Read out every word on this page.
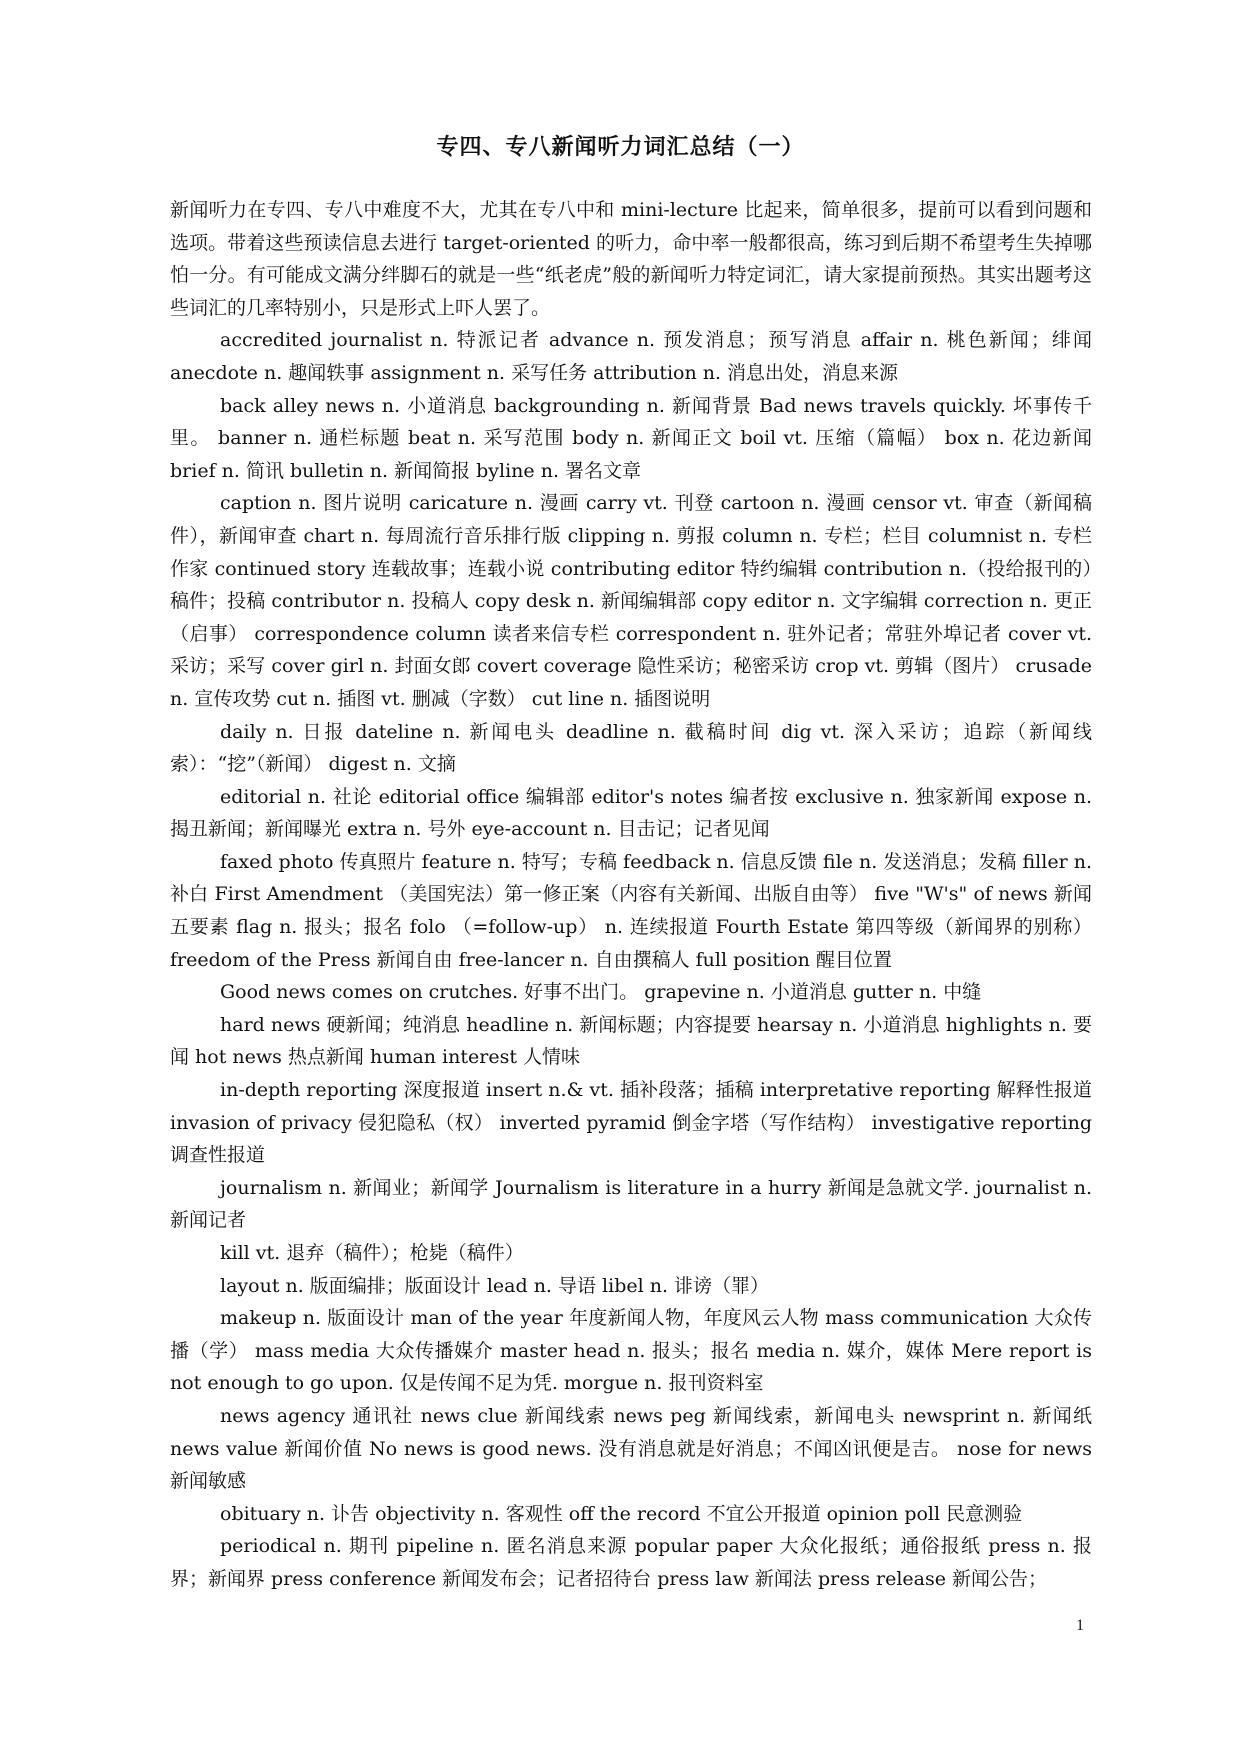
专四、专八新闻听力词汇总结（一）

新闻听力在专四、专八中难度不大，尤其在专八中和 mini-lecture 比起来，简单很多，提前可以看到问题和选项。带着这些预读信息去进行 target-oriented 的听力，命中率一般都很高，练习到后期不希望考生失掉哪怕一分。有可能成文满分绊脚石的就是一些“纸老虎”般的新闻听力特定词汇，请大家提前预热。其实出题考这些词汇的几率特别小，只是形式上吓人罢了。

accredited journalist n. 特派记者 advance n. 预发消息；预写消息 affair n. 桃色新闻；绯闻 anecdote n. 趣闻轶事 assignment n. 采写任务 attribution n. 消息出处，消息来源

back alley news n. 小道消息 backgrounding n. 新闻背景 Bad news travels quickly. 坏事传千里。 banner n. 通栏标题 beat n. 采写范围 body n. 新闻正文 boil vt. 压缩（篇幅） box n. 花边新闻 brief n. 简讯 bulletin n. 新闻简报 byline n. 署名文章

caption n. 图片说明 caricature n. 漫画 carry vt. 刊登 cartoon n. 漫画 censor vt. 审查（新闻稿件），新闻审查 chart n. 每周流行音乐排行版 clipping n. 剪报 column n. 专栏；栏目 columnist n. 专栏作家 continued story 连载故事；连载小说 contributing editor 特约编辑 contribution n.（投给报刊的）稿件；投稿 contributor n. 投稿人 copy desk n. 新闻编辑部 copy editor n. 文字编辑 correction n. 更正（启事） correspondence column 读者来信专栏 correspondent n. 驻外记者；常驻外埠记者 cover vt. 采访；采写 cover girl n. 封面女郎 covert coverage 隐性采访；秘密采访 crop vt. 剪辑（图片） crusade n. 宣传攻势 cut n. 插图 vt. 删减（字数） cut line n. 插图说明

daily n. 日报 dateline n. 新闻电头 deadline n. 截稿时间 dig vt. 深入采访；追踪（新闻线索）：“挖”（新闻） digest n. 文摘

editorial n. 社论 editorial office 编辑部 editor's notes 编者按 exclusive n. 独家新闻 expose n. 揭丑新闻；新闻曝光 extra n. 号外 eye-account n. 目击记；记者见闻

faxed photo 传真照片 feature n. 特写；专稿 feedback n. 信息反馈 file n. 发送消息；发稿 filler n. 补白 First Amendment （美国宪法）第一修正案（内容有关新闻、出版自由等） five "W's" of news 新闻五要素 flag n. 报头；报名 folo （=follow-up） n. 连续报道 Fourth Estate 第四等级（新闻界的别称） freedom of the Press 新闻自由 free-lancer n. 自由撰稿人 full position 醒目位置

Good news comes on crutches. 好事不出门。 grapevine n. 小道消息 gutter n. 中缝

hard news 硬新闻；纯消息 headline n. 新闻标题；内容提要 hearsay n. 小道消息 highlights n. 要闻 hot news 热点新闻 human interest 人情味

in-depth reporting 深度报道 insert n.& vt. 插补段落；插稿 interpretative reporting 解释性报道 invasion of privacy 侵犯隐私（权） inverted pyramid 倒金字塔（写作结构） investigative reporting 调查性报道

journalism n. 新闻业；新闻学 Journalism is literature in a hurry 新闻是急就文学. journalist n. 新闻记者

kill vt. 退弃（稿件）；枪毙（稿件）

layout n. 版面编排；版面设计 lead n. 导语 libel n. 诽谤（罪）

makeup n. 版面设计 man of the year 年度新闻人物，年度风云人物 mass communication 大众传播（学） mass media 大众传播媒介 master head n. 报头；报名 media n. 媒介，媒体 Mere report is not enough to go upon. 仅是传闻不足为凭. morgue n. 报刊资料室

news agency 通讯社 news clue 新闻线索 news peg 新闻线索，新闻电头 newsprint n. 新闻纸 news value 新闻价值 No news is good news. 没有消息就是好消息；不闻凶讯便是吉。 nose for news 新闻敏感

obituary n. 讣告 objectivity n. 客观性 off the record 不宜公开报道 opinion poll 民意测验

periodical n. 期刊 pipeline n. 匿名消息来源 popular paper 大众化报纸；通俗报纸 press n. 报界；新闻界 press conference 新闻发布会；记者招待台 press law 新闻法 press release 新闻公告；

1
